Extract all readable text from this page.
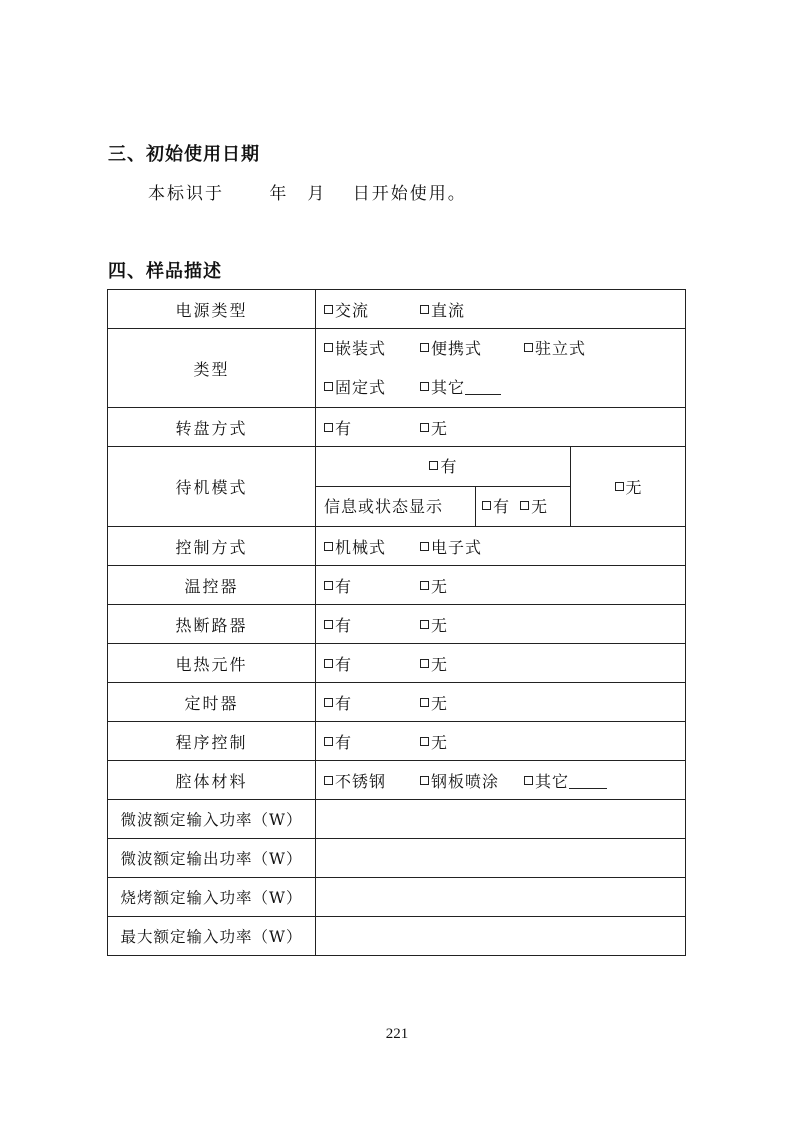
三、初始使用日期
本标识于　　 年　月　 日开始使用。
四、样品描述
电源类型	交流 直流	
类型	嵌装式 便携式 驻立式
固定式 其它	

转盘方式	有 无	
待机模式	有
信息或状态显示 有 无	无
控制方式	机械式 电子式	
温控器	有 无	
热断路器	有 无	
电热元件	有 无	
定时器	有 无	
程序控制	有 无	
腔体材料	不锈钢 钢板喷涂 其它	
微波额定输入功率（W）		
微波额定输出功率（W）		
烧烤额定输入功率（W）		
最大额定输入功率（W）		
221
